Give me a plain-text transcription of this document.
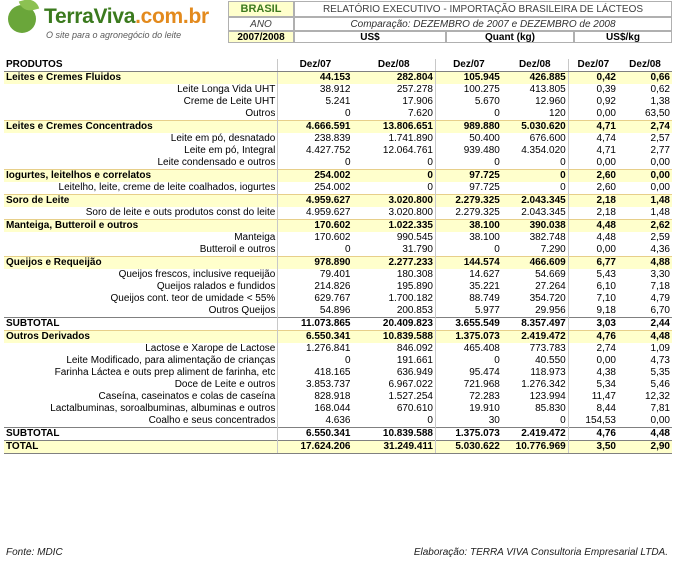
TerraViva.com.br
O site para o agronegócio do leite
BRASIL
ANO
2007/2008
RELATÓRIO EXECUTIVO - IMPORTAÇÃO BRASILEIRA DE LÁCTEOS
Comparação: DEZEMBRO de 2007 e DEZEMBRO de 2008
US$	Quant (kg)	US$/kg
PRODUTOS	Dez/07	Dez/08	Dez/07	Dez/08	Dez/07	Dez/08
Leites e Cremes Fluidos	44.153	282.804	105.945	426.885	0,42	0,66
Leite Longa Vida UHT	38.912	257.278	100.275	413.805	0,39	0,62
Creme de Leite UHT	5.241	17.906	5.670	12.960	0,92	1,38
Outros	0	7.620	0	120	0,00	63,50
Leites e Cremes Concentrados	4.666.591	13.806.651	989.880	5.030.620	4,71	2,74
Leite em pó, desnatado	238.839	1.741.890	50.400	676.600	4,74	2,57
Leite em pó, Integral	4.427.752	12.064.761	939.480	4.354.020	4,71	2,77
Leite condensado e outros	0	0	0	0	0,00	0,00
Iogurtes, leitelhos e correlatos	254.002	0	97.725	0	2,60	0,00
Leitelho, leite, creme de leite coalhados, iogurtes	254.002	0	97.725	0	2,60	0,00
Soro de Leite	4.959.627	3.020.800	2.279.325	2.043.345	2,18	1,48
Soro de leite e outs produtos const do leite	4.959.627	3.020.800	2.279.325	2.043.345	2,18	1,48
Manteiga, Butteroil e outros	170.602	1.022.335	38.100	390.038	4,48	2,62
Manteiga	170.602	990.545	38.100	382.748	4,48	2,59
Butteroil e outros	0	31.790	0	7.290	0,00	4,36
Queijos e Requeijão	978.890	2.277.233	144.574	466.609	6,77	4,88
Queijos frescos, inclusive requeijão	79.401	180.308	14.627	54.669	5,43	3,30
Queijos ralados e fundidos	214.826	195.890	35.221	27.264	6,10	7,18
Queijos cont. teor de umidade < 55%	629.767	1.700.182	88.749	354.720	7,10	4,79
Outros Queijos	54.896	200.853	5.977	29.956	9,18	6,70
SUBTOTAL	11.073.865	20.409.823	3.655.549	8.357.497	3,03	2,44
Outros Derivados	6.550.341	10.839.588	1.375.073	2.419.472	4,76	4,48
Lactose e Xarope de Lactose	1.276.841	846.092	465.408	773.783	2,74	1,09
Leite Modificado, para alimentação de crianças	0	191.661	0	40.550	0,00	4,73
Farinha Láctea e outs prep aliment de farinha, etc	418.165	636.949	95.474	118.973	4,38	5,35
Doce de Leite e outros	3.853.737	6.967.022	721.968	1.276.342	5,34	5,46
Caseína, caseinatos e colas de caseína	828.918	1.527.254	72.283	123.994	11,47	12,32
Lactalbuminas, soroalbuminas, albuminas e outros	168.044	670.610	19.910	85.830	8,44	7,81
Coalho e seus concentrados	4.636	0	30	0	154,53	0,00
SUBTOTAL	6.550.341	10.839.588	1.375.073	2.419.472	4,76	4,48
TOTAL	17.624.206	31.249.411	5.030.622	10.776.969	3,50	2,90
Fonte: MDIC	Elaboração: TERRA VIVA Consultoria Empresarial LTDA.
